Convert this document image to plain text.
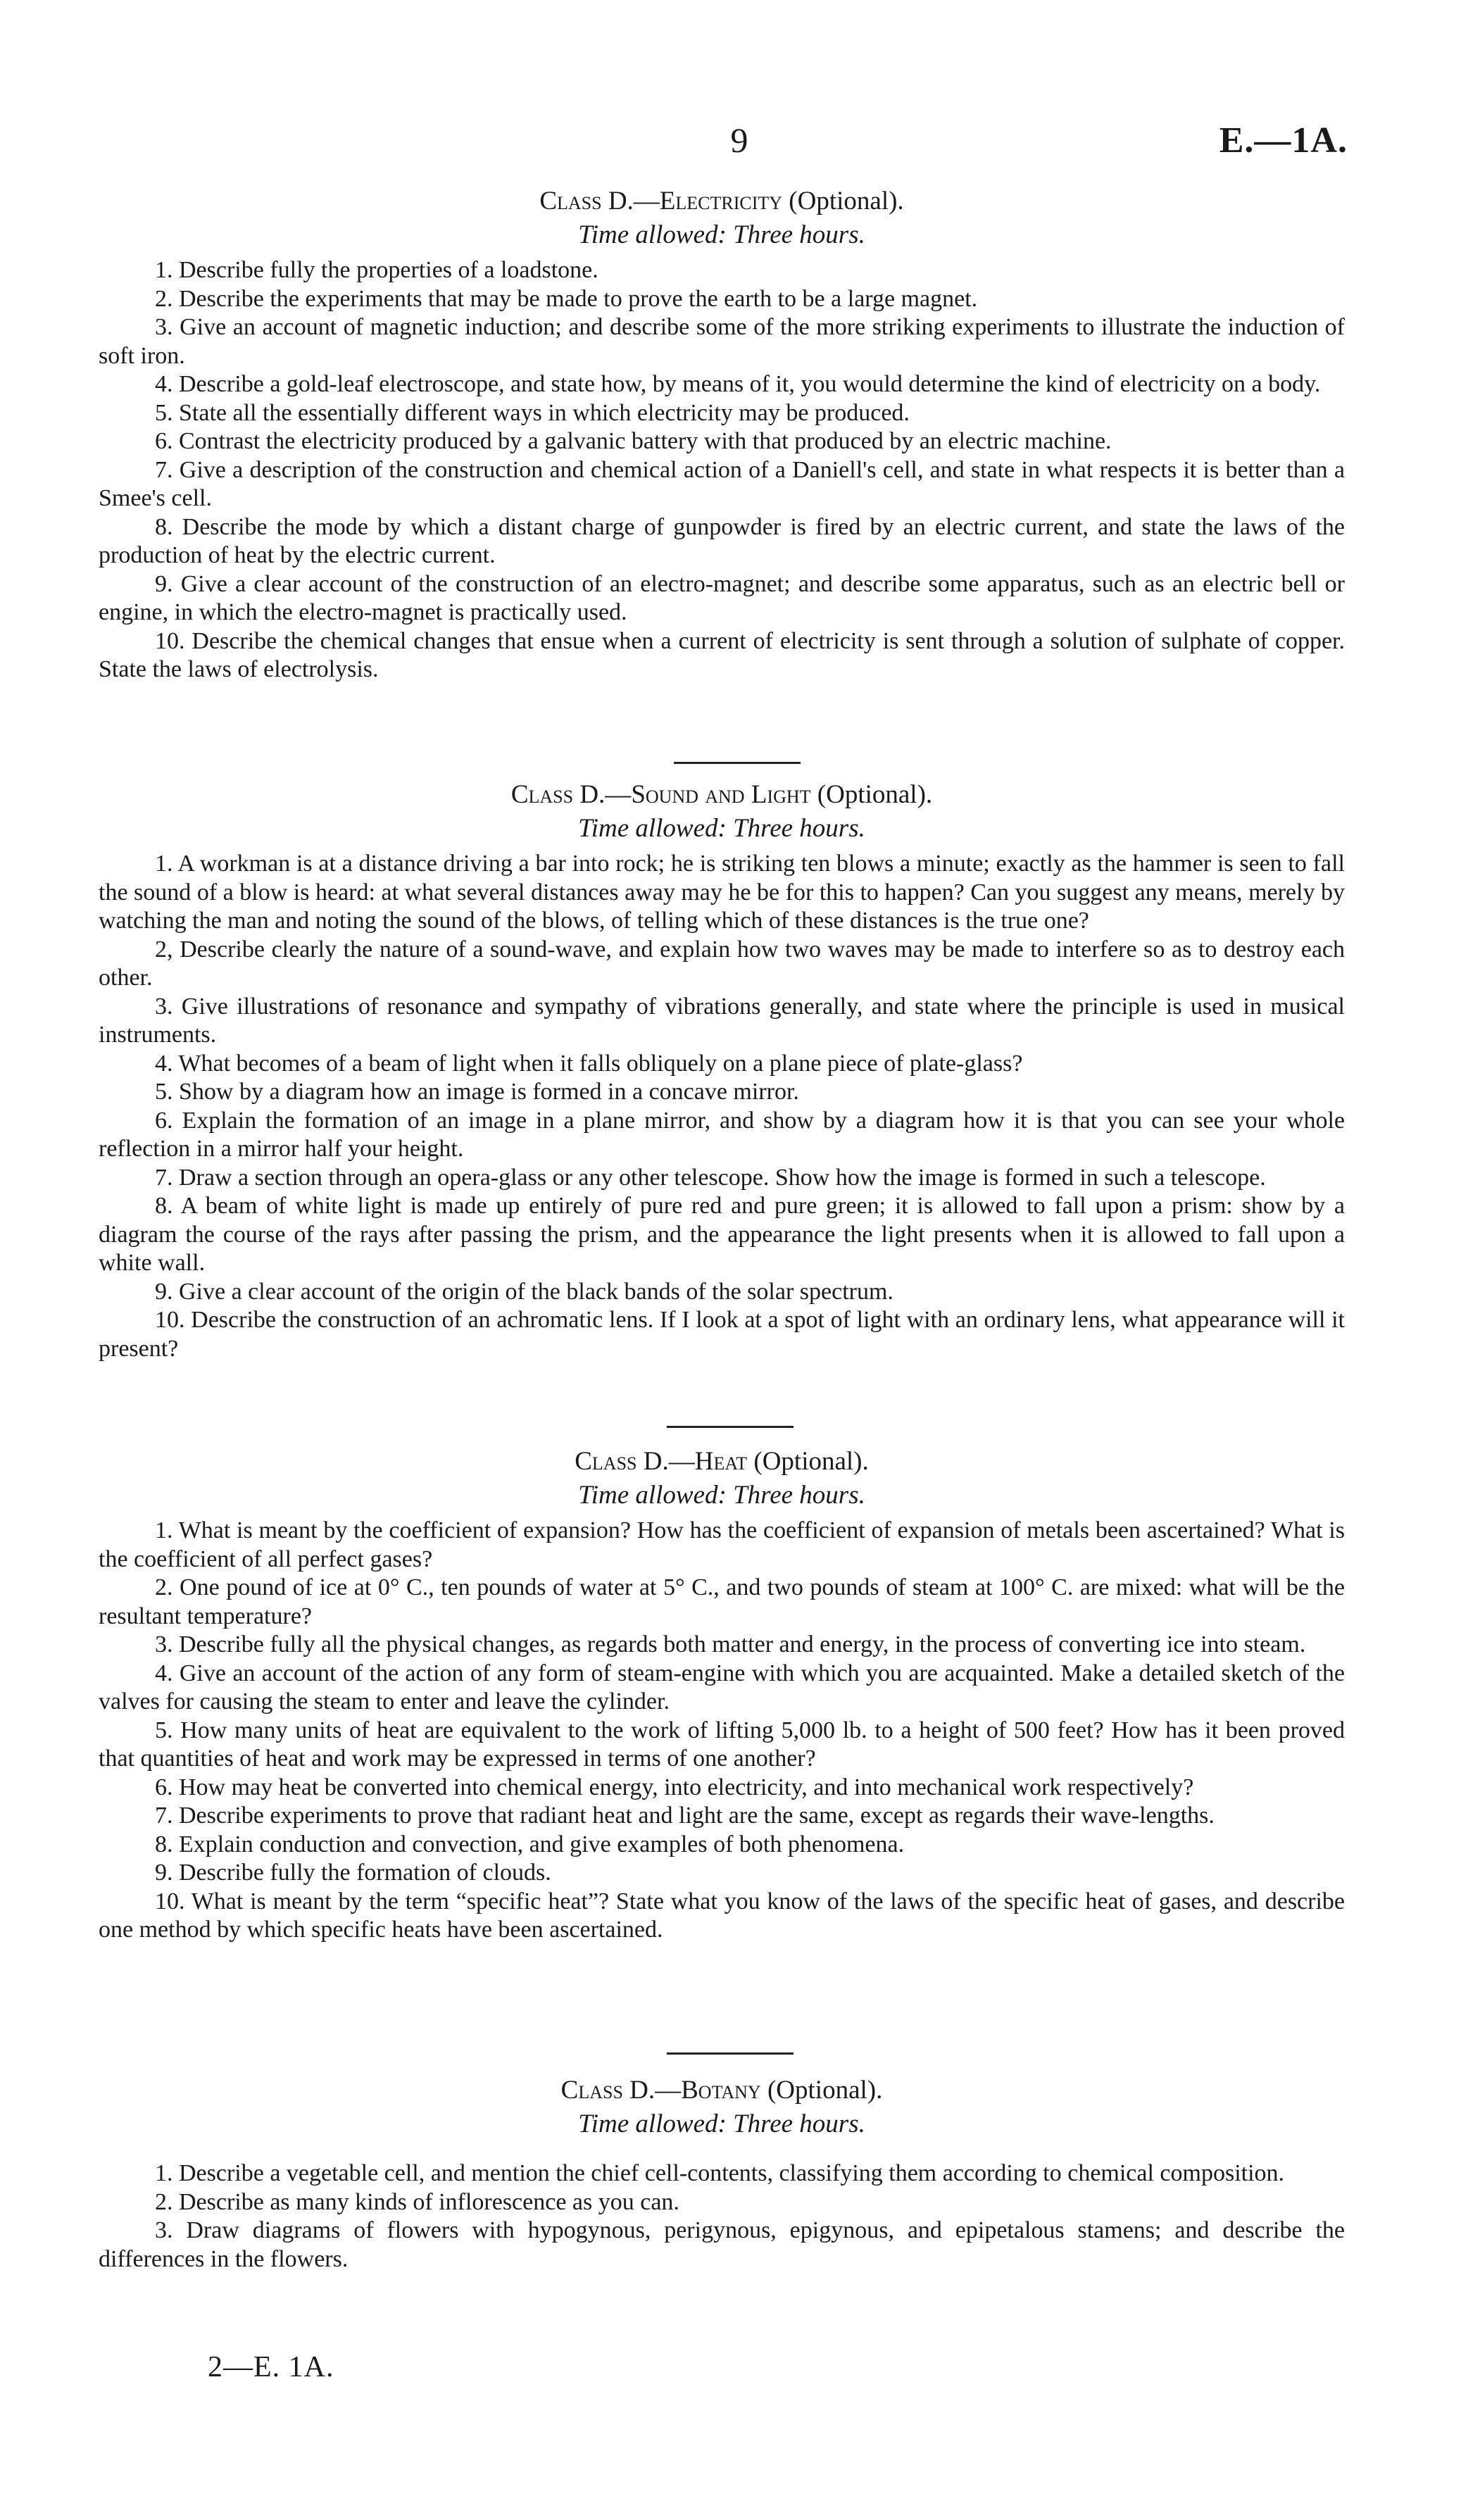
9	E.—1A.
Class D.—Electricity (Optional).
Time allowed: Three hours.
1. Describe fully the properties of a loadstone.
2. Describe the experiments that may be made to prove the earth to be a large magnet.
3. Give an account of magnetic induction; and describe some of the more striking experiments to illustrate the induction of soft iron.
4. Describe a gold-leaf electroscope, and state how, by means of it, you would determine the kind of electricity on a body.
5. State all the essentially different ways in which electricity may be produced.
6. Contrast the electricity produced by a galvanic battery with that produced by an electric machine.
7. Give a description of the construction and chemical action of a Daniell's cell, and state in what respects it is better than a Smee's cell.
8. Describe the mode by which a distant charge of gunpowder is fired by an electric current, and state the laws of the production of heat by the electric current.
9. Give a clear account of the construction of an electro-magnet; and describe some apparatus, such as an electric bell or engine, in which the electro-magnet is practically used.
10. Describe the chemical changes that ensue when a current of electricity is sent through a solution of sulphate of copper. State the laws of electrolysis.
Class D.—Sound and Light (Optional).
Time allowed: Three hours.
1. A workman is at a distance driving a bar into rock; he is striking ten blows a minute; exactly as the hammer is seen to fall the sound of a blow is heard: at what several distances away may he be for this to happen? Can you suggest any means, merely by watching the man and noting the sound of the blows, of telling which of these distances is the true one?
2, Describe clearly the nature of a sound-wave, and explain how two waves may be made to interfere so as to destroy each other.
3. Give illustrations of resonance and sympathy of vibrations generally, and state where the principle is used in musical instruments.
4. What becomes of a beam of light when it falls obliquely on a plane piece of plate-glass?
5. Show by a diagram how an image is formed in a concave mirror.
6. Explain the formation of an image in a plane mirror, and show by a diagram how it is that you can see your whole reflection in a mirror half your height.
7. Draw a section through an opera-glass or any other telescope. Show how the image is formed in such a telescope.
8. A beam of white light is made up entirely of pure red and pure green; it is allowed to fall upon a prism: show by a diagram the course of the rays after passing the prism, and the appearance the light presents when it is allowed to fall upon a white wall.
9. Give a clear account of the origin of the black bands of the solar spectrum.
10. Describe the construction of an achromatic lens. If I look at a spot of light with an ordinary lens, what appearance will it present?
Class D.—Heat (Optional).
Time allowed: Three hours.
1. What is meant by the coefficient of expansion? How has the coefficient of expansion of metals been ascertained? What is the coefficient of all perfect gases?
2. One pound of ice at 0° C., ten pounds of water at 5° C., and two pounds of steam at 100° C. are mixed: what will be the resultant temperature?
3. Describe fully all the physical changes, as regards both matter and energy, in the process of converting ice into steam.
4. Give an account of the action of any form of steam-engine with which you are acquainted. Make a detailed sketch of the valves for causing the steam to enter and leave the cylinder.
5. How many units of heat are equivalent to the work of lifting 5,000 lb. to a height of 500 feet? How has it been proved that quantities of heat and work may be expressed in terms of one another?
6. How may heat be converted into chemical energy, into electricity, and into mechanical work respectively?
7. Describe experiments to prove that radiant heat and light are the same, except as regards their wave-lengths.
8. Explain conduction and convection, and give examples of both phenomena.
9. Describe fully the formation of clouds.
10. What is meant by the term “specific heat”? State what you know of the laws of the specific heat of gases, and describe one method by which specific heats have been ascertained.
Class D.—Botany (Optional).
Time allowed: Three hours.
1. Describe a vegetable cell, and mention the chief cell-contents, classifying them according to chemical composition.
2. Describe as many kinds of inflorescence as you can.
3. Draw diagrams of flowers with hypogynous, perigynous, epigynous, and epipetalous stamens; and describe the differences in the flowers.
2—E. 1A.
